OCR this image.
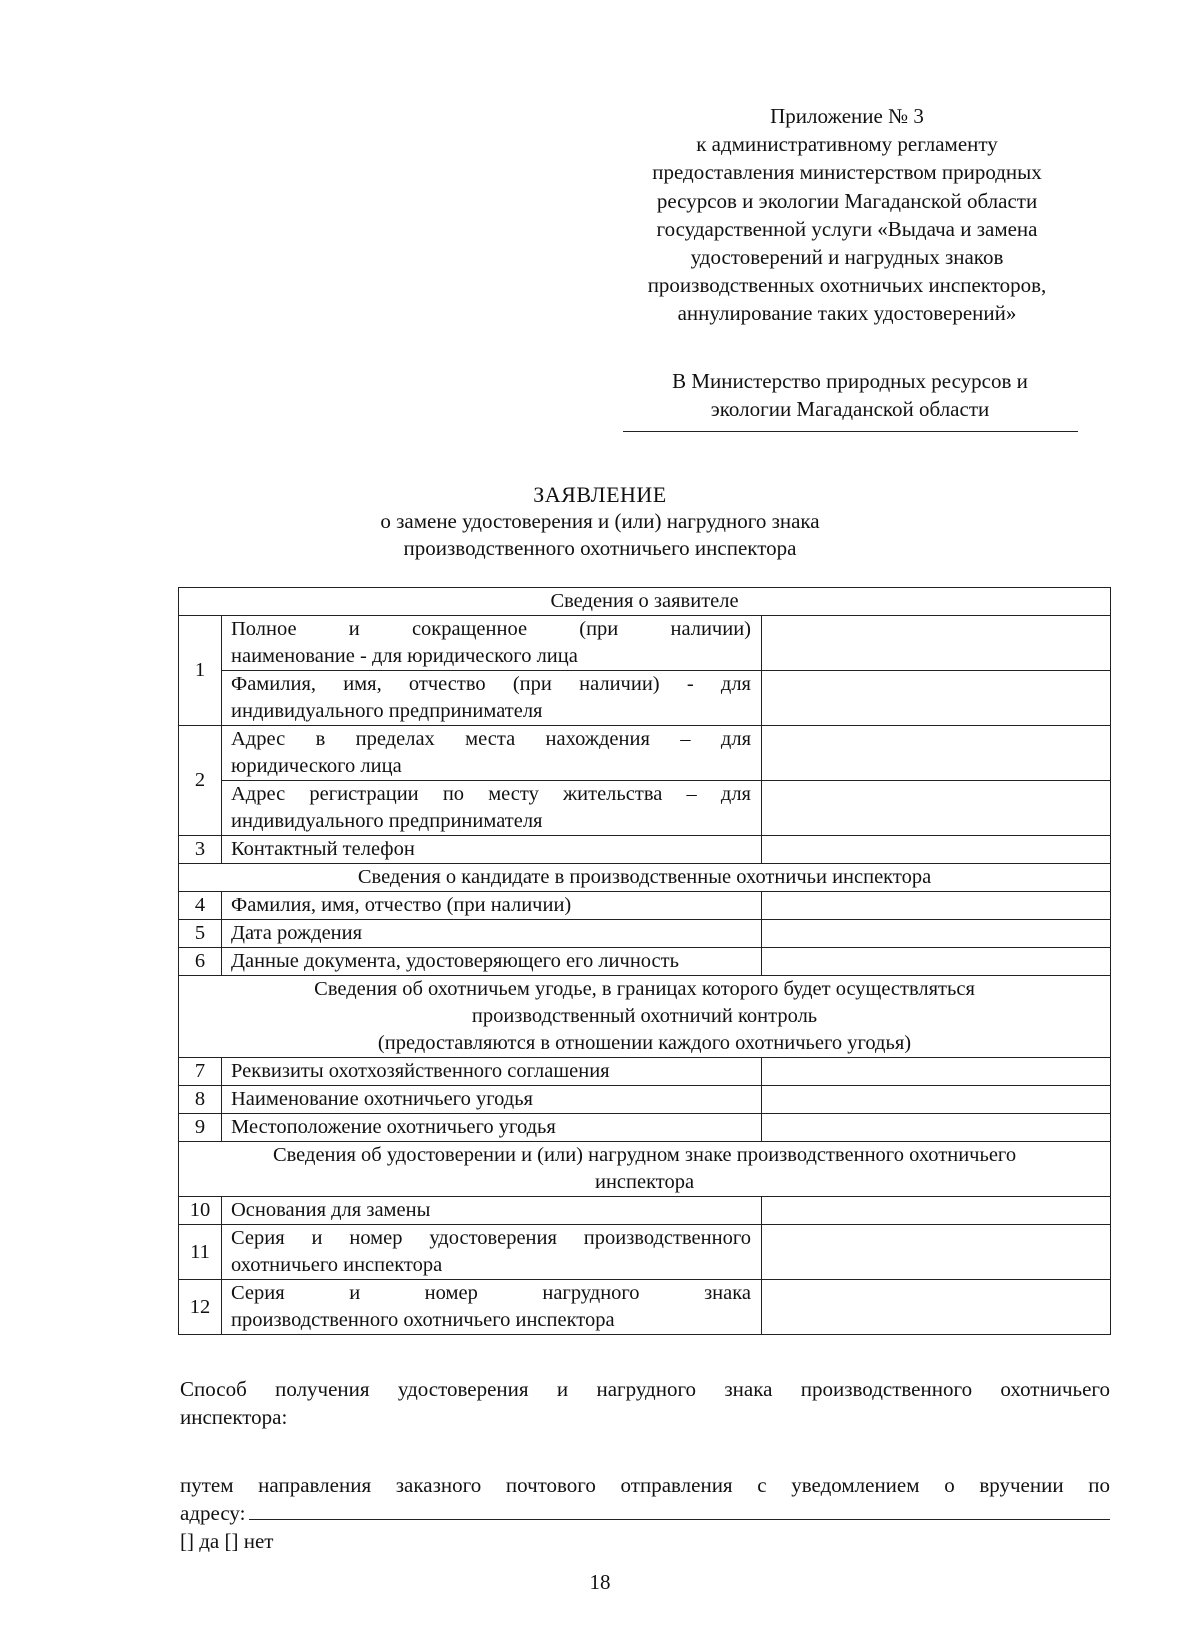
Приложение № 3
к административному регламенту
предоставления министерством природных
ресурсов и экологии Магаданской области
государственной услуги «Выдача и замена
удостоверений и нагрудных знаков
производственных охотничьих инспекторов,
аннулирование таких удостоверений»
В Министерство природных ресурсов и
экологии Магаданской области
ЗАЯВЛЕНИЕ
о замене удостоверения и (или) нагрудного знака
производственного охотничьего инспектора
Сведения о заявителе		
1	Полное и сокращенное (при наличии)
наименование - для юридического лица	

	Фамилия, имя, отчество (при наличии) - для
индивидуального предпринимателя	
2	Адрес в пределах места нахождения – для
юридического лица	

	Адрес регистрации по месту жительства – для
индивидуального предпринимателя	
3	Контактный телефон	
Сведения о кандидате в производственные охотничьи инспектора		
4	Фамилия, имя, отчество (при наличии)	
5	Дата рождения	
6	Данные документа, удостоверяющего его личность	

Сведения об охотничьем угодье, в границах которого будет осуществляться
производственный охотничий контроль
(предоставляются в отношении каждого охотничьего угодья)		

7	Реквизиты охотхозяйственного соглашения	
8	Наименование охотничьего угодья	
9	Местоположение охотничьего угодья	

Сведения об удостоверении и (или) нагрудном знаке производственного охотничьего
инспектора		

10	Основания для замены	
11	Серия и номер удостоверения производственного
охотничьего инспектора	
12	Серия и номер нагрудного знака
производственного охотничьего инспектора	
Способ получения удостоверения и нагрудного знака производственного охотничьего
инспектора:
путем направления заказного почтового отправления с уведомлением о вручении по
адресу:
[] да [] нет
18
